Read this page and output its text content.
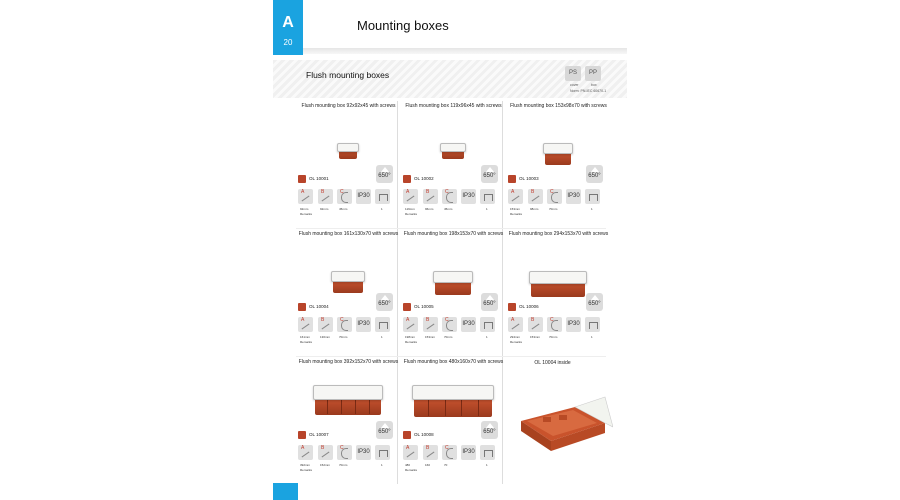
A
20
Mounting boxes
Flush mounting boxes	PS	PP
cover	box
Norm: PN-IEC 60670-1
Flush mounting box 92x92x45 with screws
OL 10001	650°
A	B	C
IP30
92mm	92mm	45mm	1
Remarks
Flush mounting box 119x96x45 with screws
OL 10002	650°
A	B	C
IP30
119mm	96mm	45mm	1
Remarks
Flush mounting box 153x98x70 with screws
OL 10003	650°
A	B	C
IP30
153mm	98mm	70mm	1
Remarks
Flush mounting box 161x130x70 with screws
OL 10004	650°
A	B	C
IP30
161mm	130mm	70mm	1
Remarks
Flush mounting box 198x153x70 with screws
OL 10005	650°
A	B	C
IP30
198mm	153mm	70mm	1
Remarks
Flush mounting box 294x153x70 with screws
OL 10006	650°
A	B	C
IP30
294mm	153mm	70mm	1
Remarks
Flush mounting box 392x152x70 with screws
OL 10007	650°
A	B	C
IP30
392mm	152mm	70mm	1
Remarks
Flush mounting box 480x160x70 with screws
OL 10008	650°
A	B	C
IP30
480	160	70	1
Remarks
OL 10004 inside
